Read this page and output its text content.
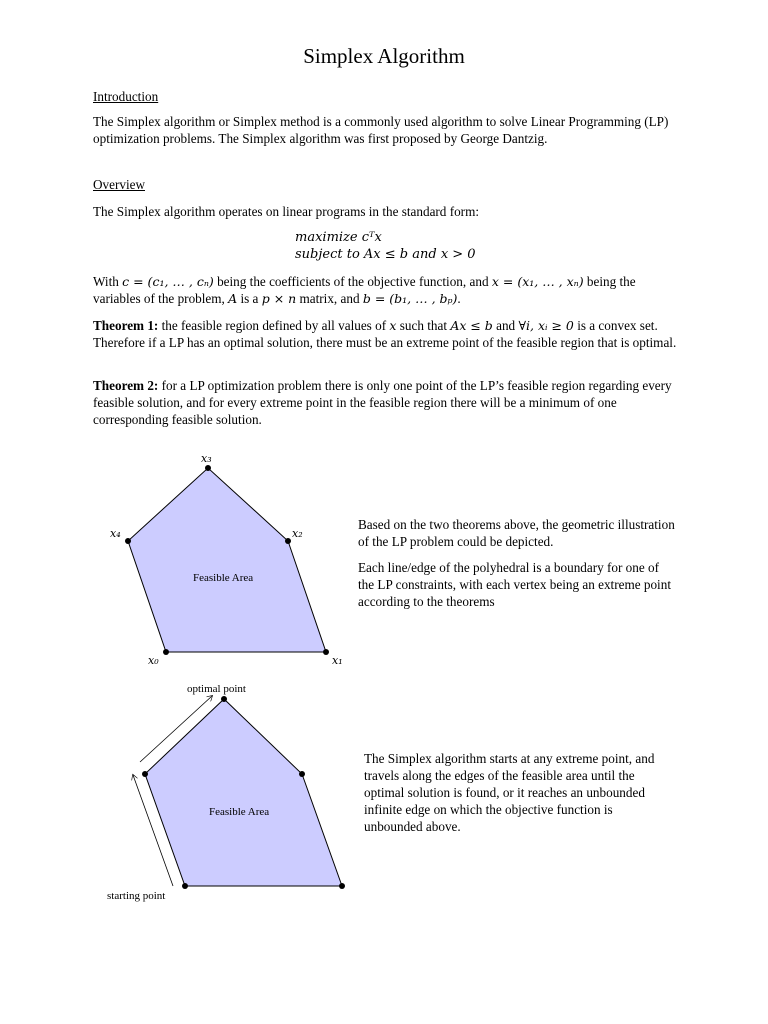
Simplex Algorithm
Introduction
The Simplex algorithm or Simplex method is a commonly used algorithm to solve Linear Programming (LP) optimization problems. The Simplex algorithm was first proposed by George Dantzig.
Overview
The Simplex algorithm operates on linear programs in the standard form:
maximize cᵀx
subject to Ax ≤ b and x > 0
With c = (c₁, … , cₙ) being the coefficients of the objective function, and x = (x₁, … , xₙ) being the variables of the problem, A is a p × n matrix, and b = (b₁, … , bₚ).
Theorem 1: the feasible region defined by all values of x such that Ax ≤ b and ∀i, xᵢ ≥ 0 is a convex set. Therefore if a LP has an optimal solution, there must be an extreme point of the feasible region that is optimal.
Theorem 2: for a LP optimization problem there is only one point of the LP’s feasible region regarding every feasible solution, and for every extreme point in the feasible region there will be a minimum of one corresponding feasible solution.
x₃
x₂
x₄
x₀	x₁
Feasible Area
optimal point
starting point
Feasible Area

Based on the two theorems above, the geometric illustration of the LP problem could be depicted.

Each line/edge of the polyhedral is a boundary for one of the LP constraints, with each vertex being an extreme point according to the theorems

The Simplex algorithm starts at any extreme point, and travels along the edges of the feasible area until the optimal solution is found, or it reaches an unbounded infinite edge on which the objective function is unbounded above.
